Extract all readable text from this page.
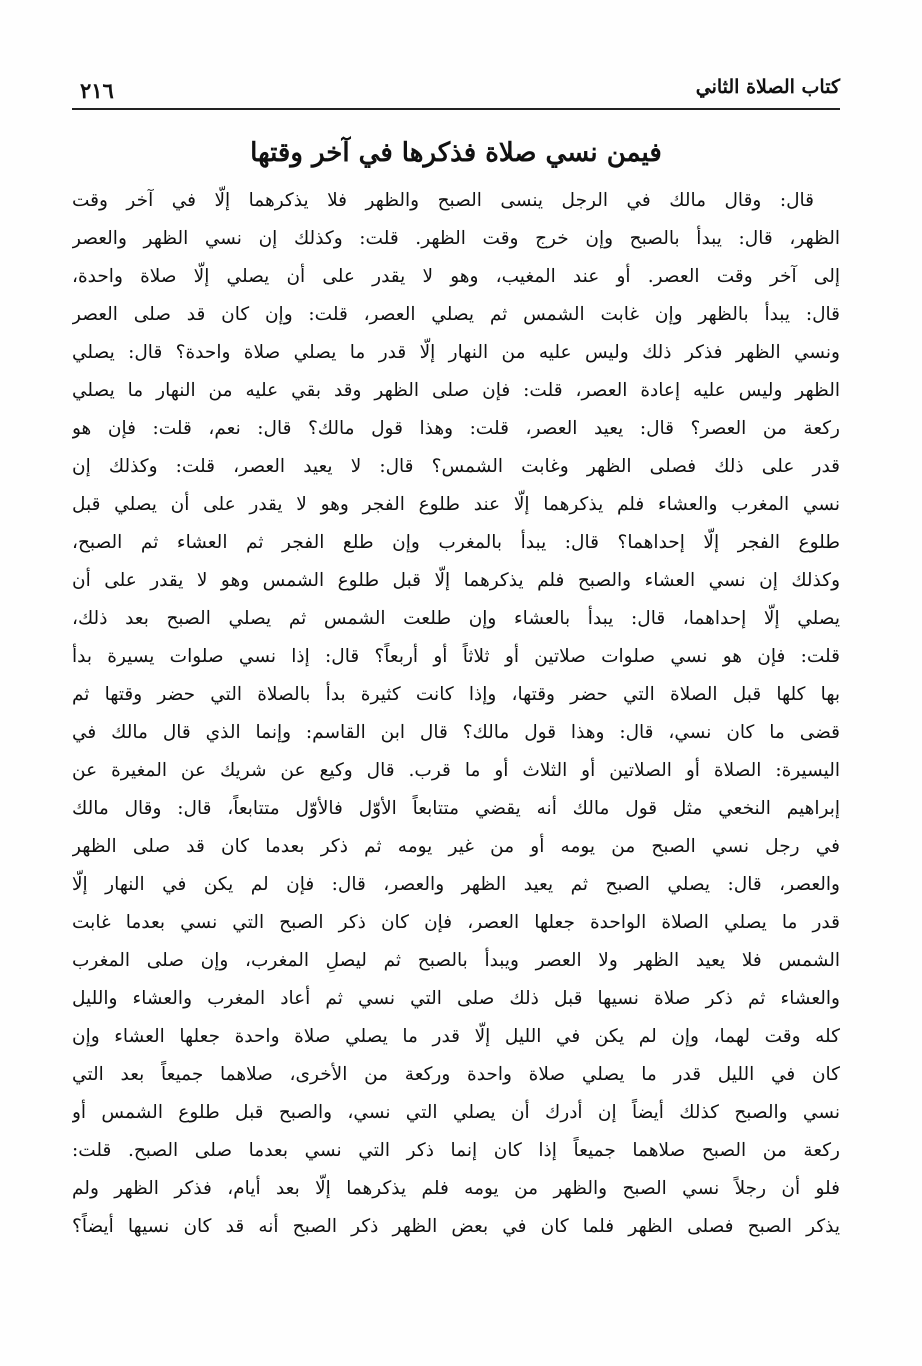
كتاب الصلاة الثاني
٢١٦
فيمن نسي صلاة فذكرها في آخر وقتها
قال: وقال مالك في الرجل ينسى الصبح والظهر فلا يذكرهما إلّا في آخر وقت
الظهر، قال: يبدأ بالصبح وإن خرج وقت الظهر. قلت: وكذلك إن نسي الظهر والعصر
إلى آخر وقت العصر. أو عند المغيب، وهو لا يقدر على أن يصلي إلّا صلاة واحدة،
قال: يبدأ بالظهر وإن غابت الشمس ثم يصلي العصر، قلت: وإن كان قد صلى العصر
ونسي الظهر فذكر ذلك وليس عليه من النهار إلّا قدر ما يصلي صلاة واحدة؟ قال: يصلي
الظهر وليس عليه إعادة العصر، قلت: فإن صلى الظهر وقد بقي عليه من النهار ما يصلي
ركعة من العصر؟ قال: يعيد العصر، قلت: وهذا قول مالك؟ قال: نعم، قلت: فإن هو
قدر على ذلك فصلى الظهر وغابت الشمس؟ قال: لا يعيد العصر، قلت: وكذلك إن
نسي المغرب والعشاء فلم يذكرهما إلّا عند طلوع الفجر وهو لا يقدر على أن يصلي قبل
طلوع الفجر إلّا إحداهما؟ قال: يبدأ بالمغرب وإن طلع الفجر ثم العشاء ثم الصبح،
وكذلك إن نسي العشاء والصبح فلم يذكرهما إلّا قبل طلوع الشمس وهو لا يقدر على أن
يصلي إلّا إحداهما، قال: يبدأ بالعشاء وإن طلعت الشمس ثم يصلي الصبح بعد ذلك،
قلت: فإن هو نسي صلوات صلاتين أو ثلاثاً أو أربعاً؟ قال: إذا نسي صلوات يسيرة بدأ
بها كلها قبل الصلاة التي حضر وقتها، وإذا كانت كثيرة بدأ بالصلاة التي حضر وقتها ثم
قضى ما كان نسي، قال: وهذا قول مالك؟ قال ابن القاسم: وإنما الذي قال مالك في
اليسيرة: الصلاة أو الصلاتين أو الثلاث أو ما قرب. قال وكيع عن شريك عن المغيرة عن
إبراهيم النخعي مثل قول مالك أنه يقضي متتابعاً الأوّل فالأوّل متتابعاً، قال: وقال مالك
في رجل نسي الصبح من يومه أو من غير يومه ثم ذكر بعدما كان قد صلى الظهر
والعصر، قال: يصلي الصبح ثم يعيد الظهر والعصر، قال: فإن لم يكن في النهار إلّا
قدر ما يصلي الصلاة الواحدة جعلها العصر، فإن كان ذكر الصبح التي نسي بعدما غابت
الشمس فلا يعيد الظهر ولا العصر ويبدأ بالصبح ثم ليصلِ المغرب، وإن صلى المغرب
والعشاء ثم ذكر صلاة نسيها قبل ذلك صلى التي نسي ثم أعاد المغرب والعشاء والليل
كله وقت لهما، وإن لم يكن في الليل إلّا قدر ما يصلي صلاة واحدة جعلها العشاء وإن
كان في الليل قدر ما يصلي صلاة واحدة وركعة من الأخرى، صلاهما جميعاً بعد التي
نسي والصبح كذلك أيضاً إن أدرك أن يصلي التي نسي، والصبح قبل طلوع الشمس أو
ركعة من الصبح صلاهما جميعاً إذا كان إنما ذكر التي نسي بعدما صلى الصبح. قلت:
فلو أن رجلاً نسي الصبح والظهر من يومه فلم يذكرهما إلّا بعد أيام، فذكر الظهر ولم
يذكر الصبح فصلى الظهر فلما كان في بعض الظهر ذكر الصبح أنه قد كان نسيها أيضاً؟
